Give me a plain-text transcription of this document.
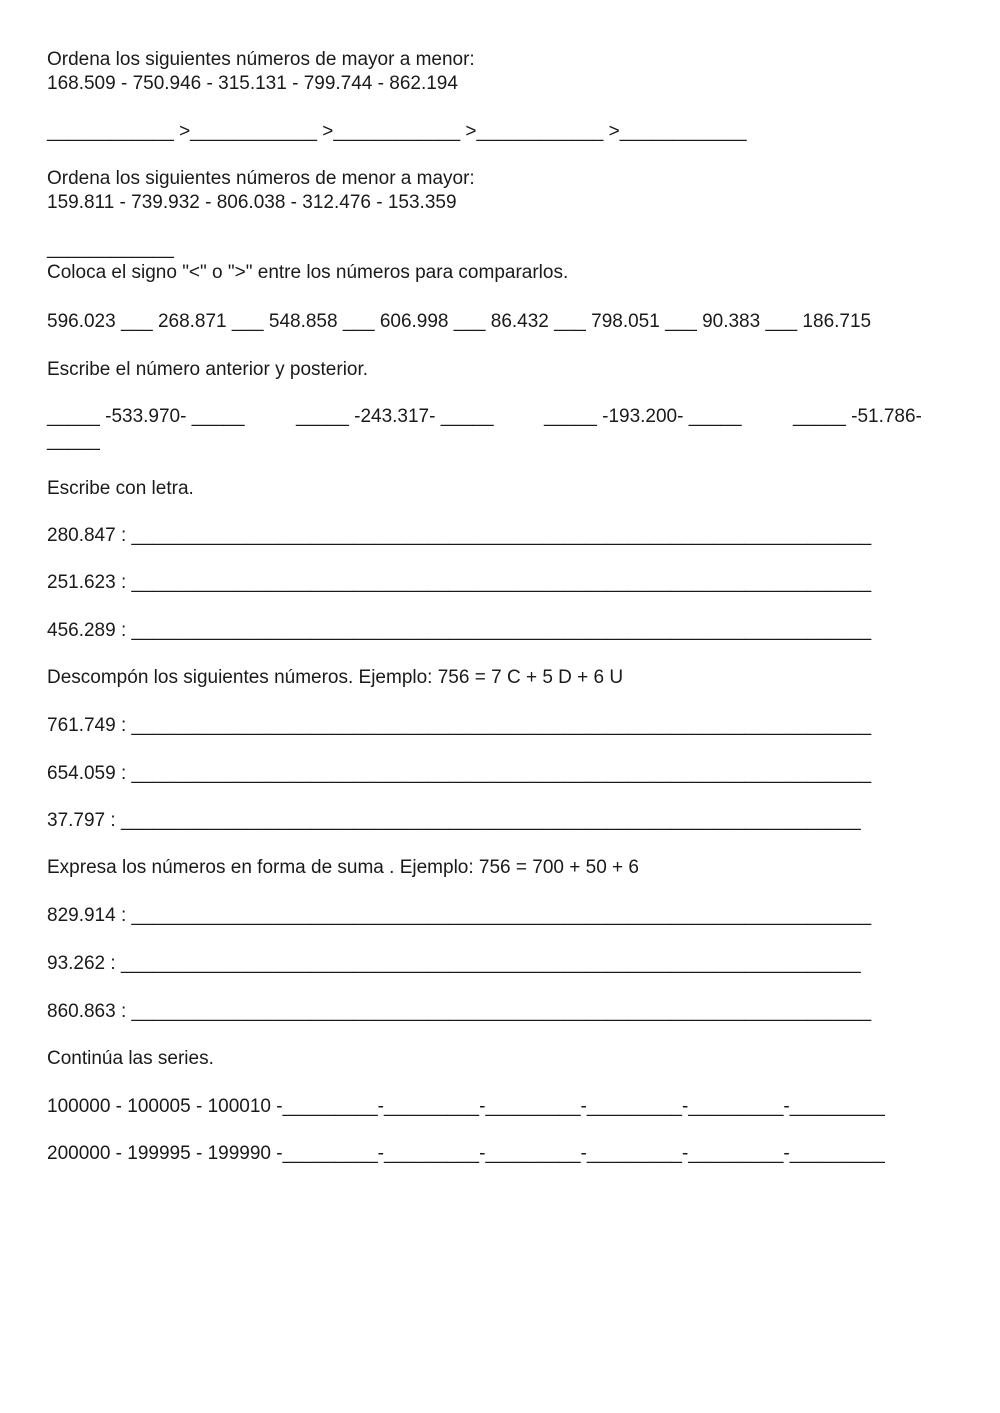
Ordena los siguientes números de mayor a menor:
168.509 - 750.946 - 315.131 - 799.744 - 862.194
____________ >____________ >____________ >____________ >____________
Ordena los siguientes números de menor a mayor:
159.811 - 739.932 - 806.038 - 312.476 - 153.359
____________
Coloca el signo "<" o ">" entre los números para compararlos.
596.023 ___ 268.871 ___ 548.858 ___ 606.998 ___ 86.432 ___ 798.051 ___ 90.383 ___ 186.715
Escribe el número anterior y posterior.
_____ -533.970- _____	_____ -243.317- _____	_____ -193.200- _____	_____ -51.786-
_____
Escribe con letra.
280.847 : ______________________________________________________________________
251.623 : ______________________________________________________________________
456.289 : ______________________________________________________________________
Descompón los siguientes números. Ejemplo: 756 = 7 C + 5 D + 6 U
761.749 : ______________________________________________________________________
654.059 : ______________________________________________________________________
37.797 : ______________________________________________________________________
Expresa los números en forma de suma . Ejemplo: 756 = 700 + 50 + 6
829.914 : ______________________________________________________________________
93.262 : ______________________________________________________________________
860.863 : ______________________________________________________________________
Continúa las series.
100000 - 100005 - 100010 -_________-_________-_________-_________-_________-_________
200000 - 199995 - 199990 -_________-_________-_________-_________-_________-_________
